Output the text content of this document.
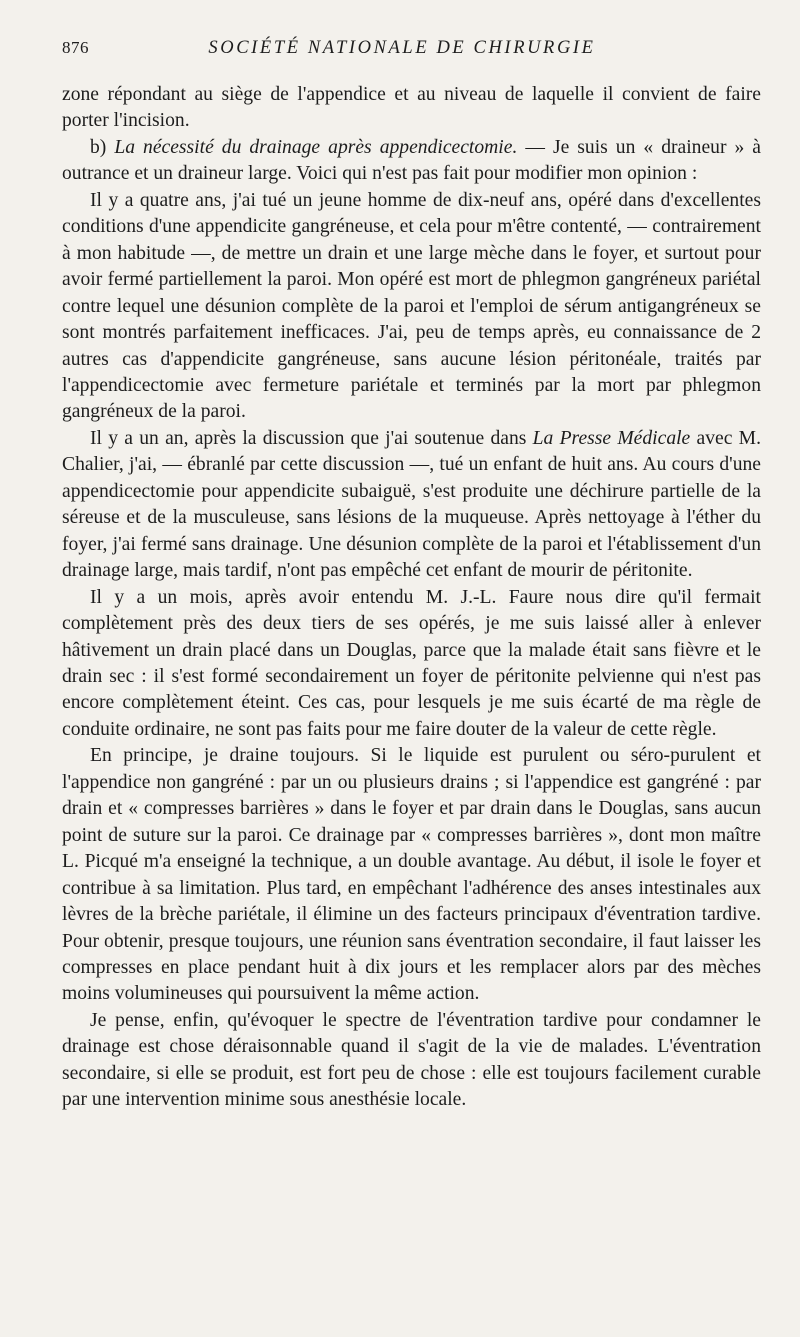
876	SOCIÉTÉ NATIONALE DE CHIRURGIE

zone répondant au siège de l'appendice et au niveau de laquelle il convient de faire porter l'incision.

b) La nécessité du drainage après appendicectomie. — Je suis un « draineur » à outrance et un draineur large. Voici qui n'est pas fait pour modifier mon opinion :

Il y a quatre ans, j'ai tué un jeune homme de dix-neuf ans, opéré dans d'excellentes conditions d'une appendicite gangréneuse, et cela pour m'être contenté, — contrairement à mon habitude —, de mettre un drain et une large mèche dans le foyer, et surtout pour avoir fermé partiellement la paroi. Mon opéré est mort de phlegmon gangréneux pariétal contre lequel une désunion complète de la paroi et l'emploi de sérum antigangréneux se sont montrés parfaitement inefficaces. J'ai, peu de temps après, eu connaissance de 2 autres cas d'appendicite gangréneuse, sans aucune lésion péritonéale, traités par l'appendicectomie avec fermeture pariétale et terminés par la mort par phlegmon gangréneux de la paroi.

Il y a un an, après la discussion que j'ai soutenue dans La Presse Médicale avec M. Chalier, j'ai, — ébranlé par cette discussion —, tué un enfant de huit ans. Au cours d'une appendicectomie pour appendicite subaiguë, s'est produite une déchirure partielle de la séreuse et de la musculeuse, sans lésions de la muqueuse. Après nettoyage à l'éther du foyer, j'ai fermé sans drainage. Une désunion complète de la paroi et l'établissement d'un drainage large, mais tardif, n'ont pas empêché cet enfant de mourir de péritonite.

Il y a un mois, après avoir entendu M. J.-L. Faure nous dire qu'il fermait complètement près des deux tiers de ses opérés, je me suis laissé aller à enlever hâtivement un drain placé dans un Douglas, parce que la malade était sans fièvre et le drain sec : il s'est formé secondairement un foyer de péritonite pelvienne qui n'est pas encore complètement éteint. Ces cas, pour lesquels je me suis écarté de ma règle de conduite ordinaire, ne sont pas faits pour me faire douter de la valeur de cette règle.

En principe, je draine toujours. Si le liquide est purulent ou séro-purulent et l'appendice non gangréné : par un ou plusieurs drains ; si l'appendice est gangréné : par drain et « compresses barrières » dans le foyer et par drain dans le Douglas, sans aucun point de suture sur la paroi. Ce drainage par « compresses barrières », dont mon maître L. Picqué m'a enseigné la technique, a un double avantage. Au début, il isole le foyer et contribue à sa limitation. Plus tard, en empêchant l'adhérence des anses intestinales aux lèvres de la brèche pariétale, il élimine un des facteurs principaux d'éventration tardive. Pour obtenir, presque toujours, une réunion sans éventration secondaire, il faut laisser les compresses en place pendant huit à dix jours et les remplacer alors par des mèches moins volumineuses qui poursuivent la même action.

Je pense, enfin, qu'évoquer le spectre de l'éventration tardive pour condamner le drainage est chose déraisonnable quand il s'agit de la vie de malades. L'éventration secondaire, si elle se produit, est fort peu de chose : elle est toujours facilement curable par une intervention minime sous anesthésie locale.
